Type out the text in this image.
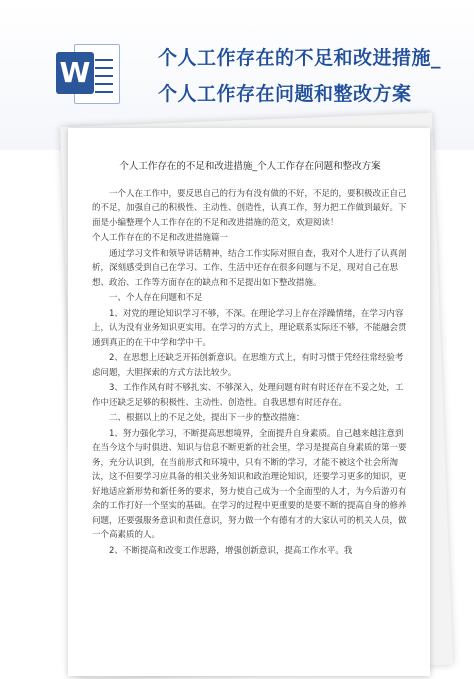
W	个人工作存在的不足和改进措施_个人工作存在问题和整改方案
个人工作存在的不足和改进措施_个人工作存在问题和整改方案

一个人在工作中，要反思自己的行为有没有做的不好，不足的，要积极改正自己的不足，加强自己的积极性、主动性、创造性，认真工作，努力把工作做到最好。下面是小编整理个人工作存在的不足和改进措施的范文，欢迎阅读！

个人工作存在的不足和改进措施篇一

通过学习文件和领导讲话精神，结合工作实际对照自查，我对个人进行了认真剖析，深刻感受到自己在学习、工作、生活中还存在很多问题与不足，现对自己在思想、政治、工作等方面存在的缺点和不足提出如下整改措施。

一、个人存在问题和不足

1、对党的理论知识学习不够，不深。在理论学习上存在浮躁情绪，在学习内容上，认为没有业务知识更实用。在学习的方式上，理论联系实际还不够，不能融会贯通到真正的在干中学和学中干。

2、在思想上还缺乏开拓创新意识。在思维方式上，有时习惯于凭经往常经验考虑问题，大胆探索的方式方法比较少。

3、工作作风有时不够扎实、不够深入，处理问题有时有时还存在不妥之处，工作中还缺乏足够的积极性、主动性、创造性。自我思想有时还存在。

二、根据以上的不足之处，提出下一步的整改措施：

1、努力强化学习，不断提高思想境界，全面提升自身素质。自己越来越注意到在当今这个与时俱进、知识与信息不断更新的社会里，学习是提高自身素质的第一要务，充分认识到，在当前形式和环境中，只有不断的学习，才能不被这个社会所淘汰，这不但要学习应具备的相关业务知识和政治理论知识，还要学习更多的知识，更好地适应新形势和新任务的要求，努力使自己成为一个全面型的人才，为今后游刃有余的工作打好一个坚实的基础。在学习的过程中更重要的是要不断的提高自身的修养问题，还要强服务意识和责任意识，努力做一个有德有才的大家认可的机关人员，做一个高素质的人。

2、不断提高和改变工作思路，增强创新意识，提高工作水平。我
